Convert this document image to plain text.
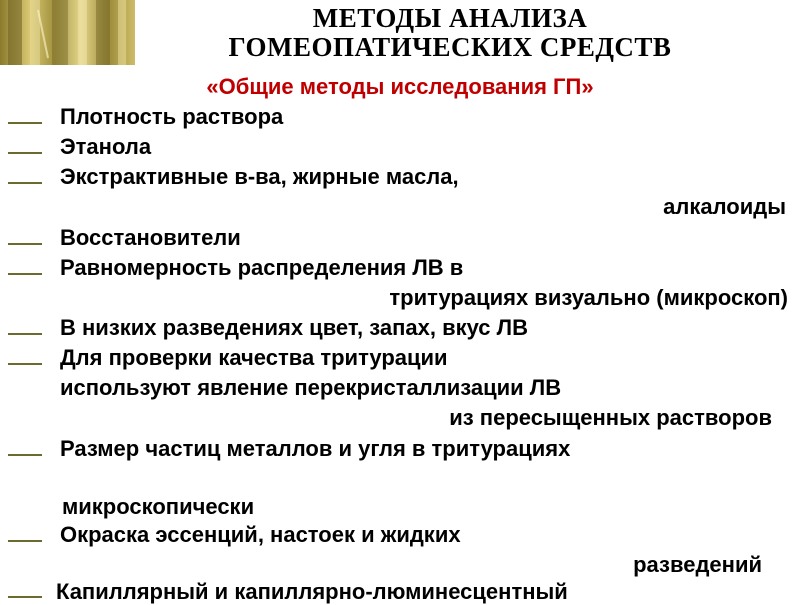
МЕТОДЫ АНАЛИЗА
ГОМЕОПАТИЧЕСКИХ СРЕДСТВ
«Общие методы исследования ГП»
Плотность раствора
Этанола
Экстрактивные в-ва, жирные масла,
алкалоиды
Восстановители
Равномерность распределения ЛВ в
тритурациях визуально (микроскоп)
В низких разведениях цвет, запах, вкус ЛВ
Для проверки качества тритурации
используют явление перекристаллизации ЛВ
из пересыщенных растворов
Размер частиц металлов и угля в тритурациях
микроскопически
Окраска эссенций, настоек и жидких
разведений
Капиллярный и капиллярно-люминесцентный
